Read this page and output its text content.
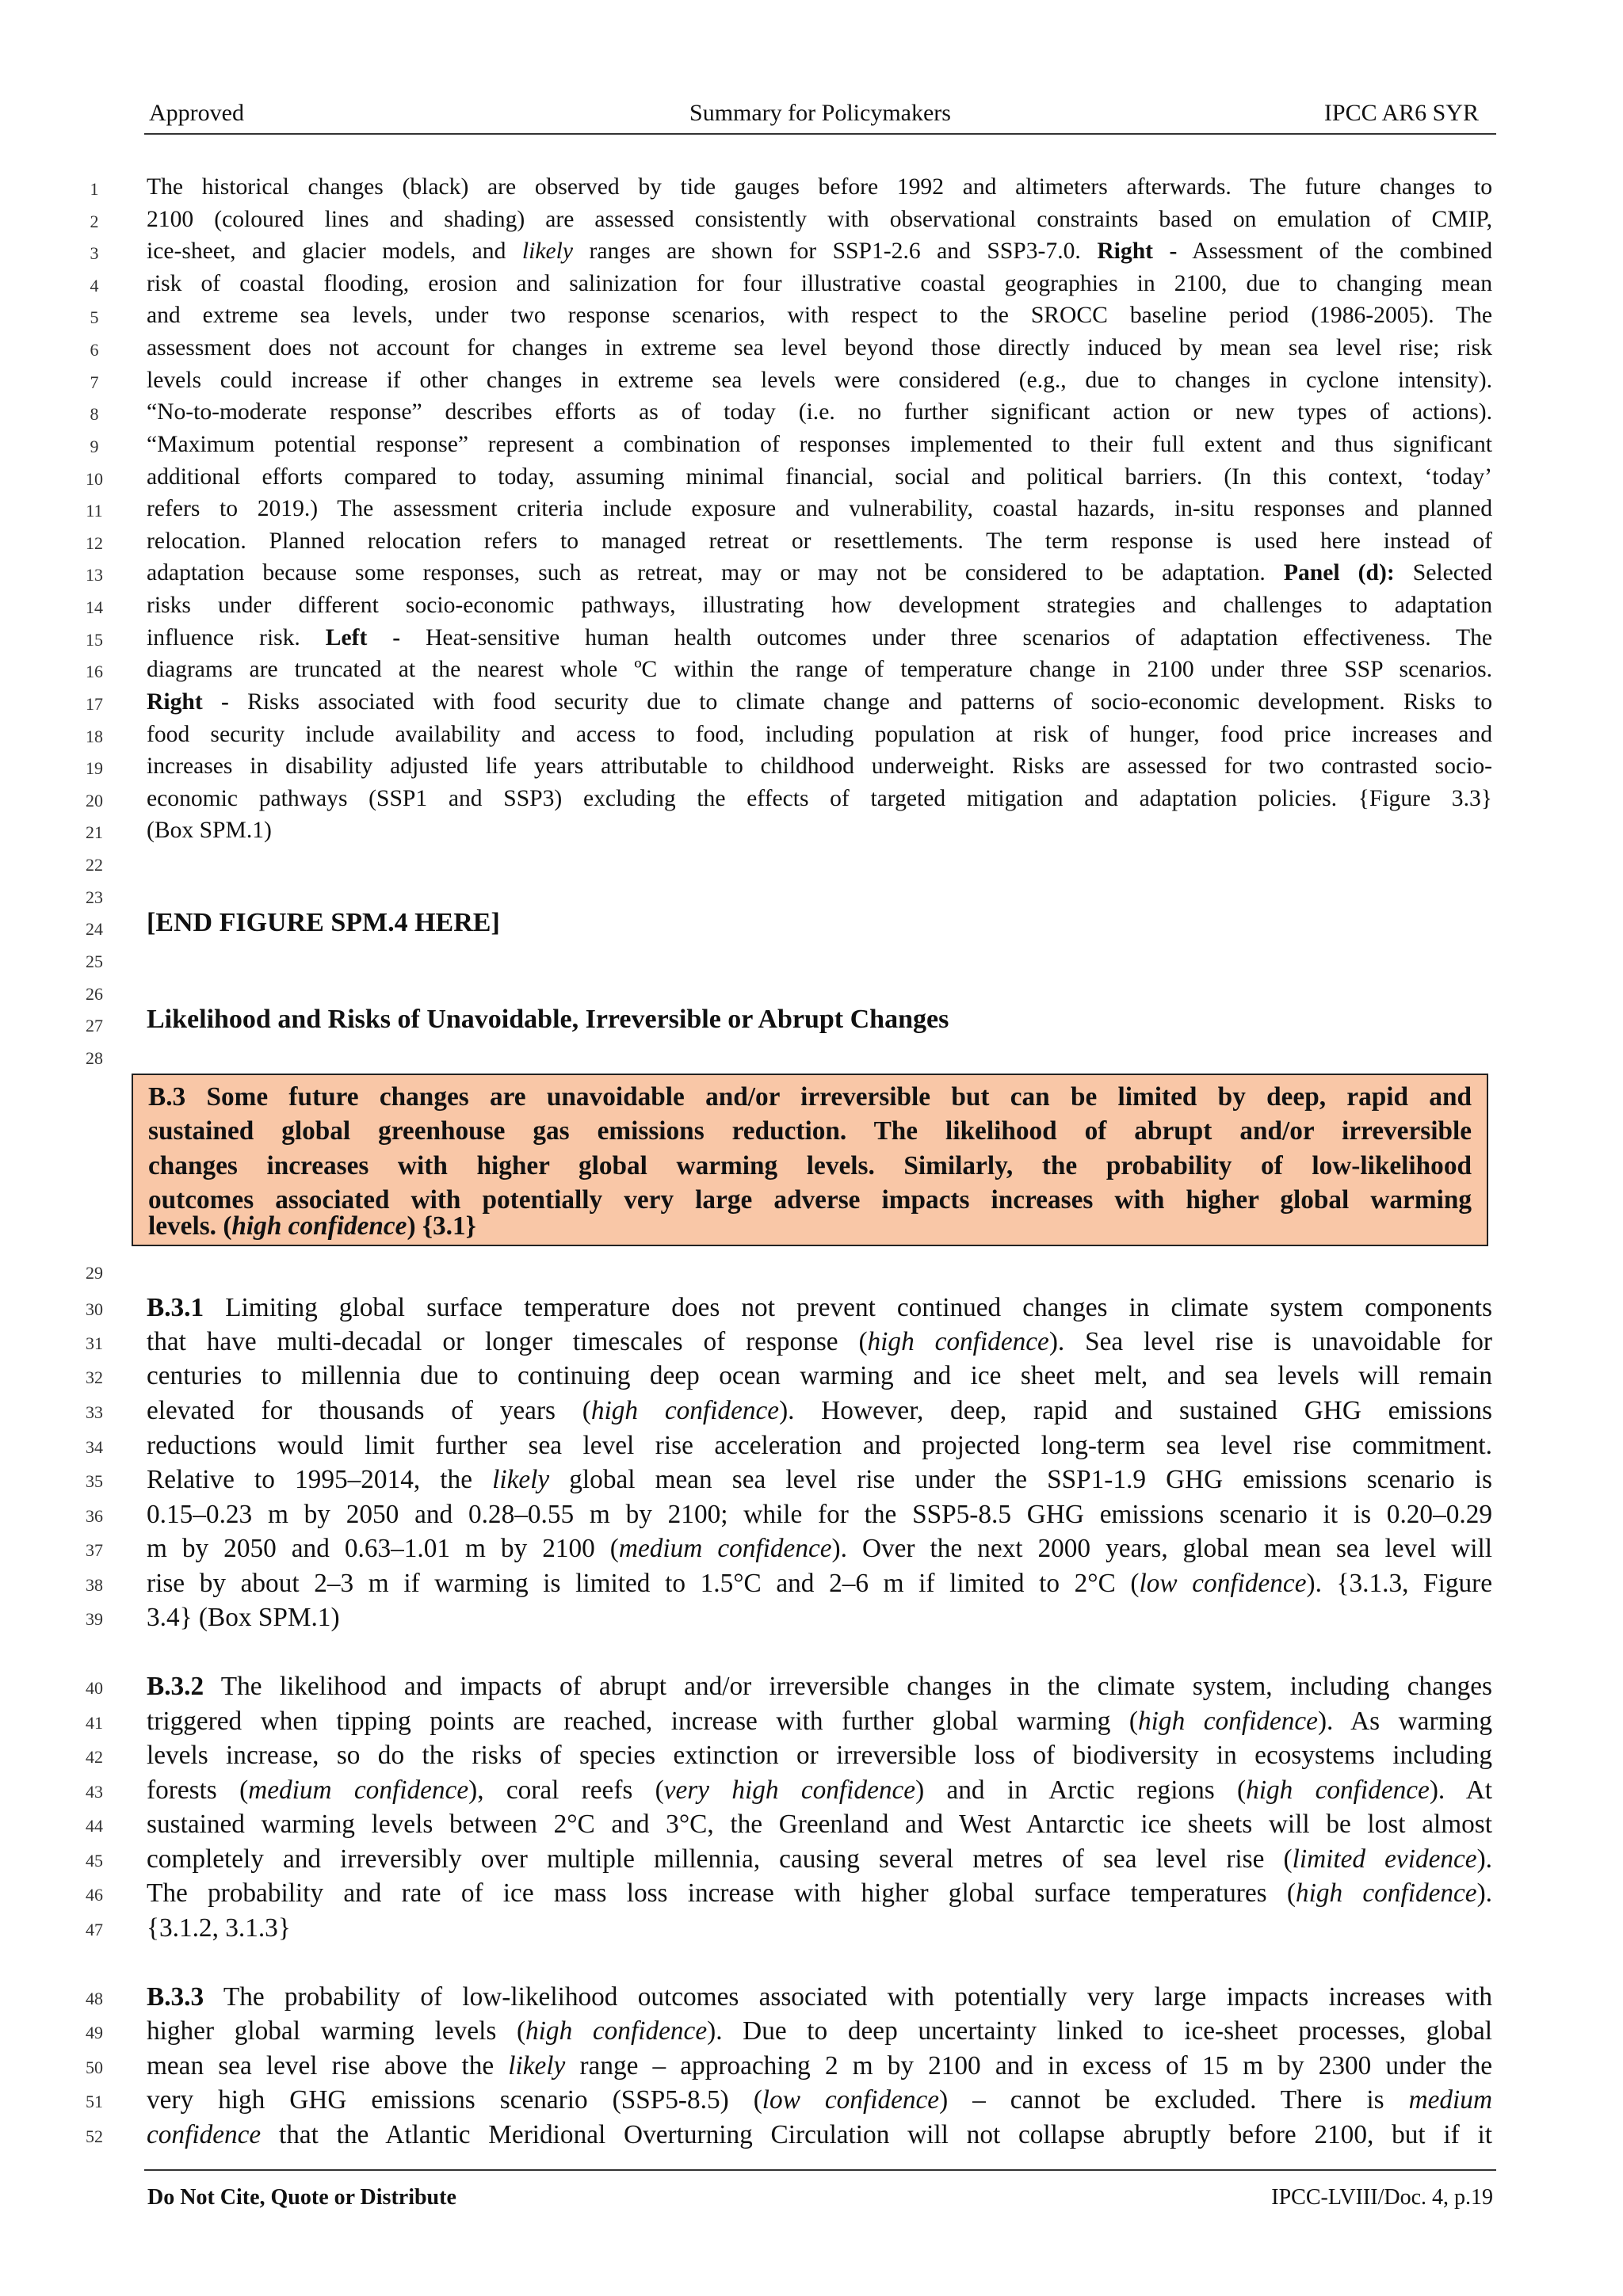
Approved	Summary for Policymakers	IPCC AR6 SYR
1
2
3
4
5
6
7
8
9
10
11
12
13
14
15
16
17
18
19
20
21
22
23
24
25
26
27
28
29
30
31
32
33
34
35
36
37
38
39
40
41
42
43
44
45
46
47
48
49
50
51
52
The historical changes (black) are observed by tide gauges before 1992 and altimeters afterwards. The future changes to
2100 (coloured lines and shading) are assessed consistently with observational constraints based on emulation of CMIP,
ice-sheet, and glacier models, and likely ranges are shown for SSP1-2.6 and SSP3-7.0. Right - Assessment of the combined
risk of coastal flooding, erosion and salinization for four illustrative coastal geographies in 2100, due to changing mean
and extreme sea levels, under two response scenarios, with respect to the SROCC baseline period (1986-2005). The
assessment does not account for changes in extreme sea level beyond those directly induced by mean sea level rise; risk
levels could increase if other changes in extreme sea levels were considered (e.g., due to changes in cyclone intensity).
“No-to-moderate response” describes efforts as of today (i.e. no further significant action or new types of actions).
“Maximum potential response” represent a combination of responses implemented to their full extent and thus significant
additional efforts compared to today, assuming minimal financial, social and political barriers. (In this context, ‘today’
refers to 2019.) The assessment criteria include exposure and vulnerability, coastal hazards, in-situ responses and planned
relocation. Planned relocation refers to managed retreat or resettlements. The term response is used here instead of
adaptation because some responses, such as retreat, may or may not be considered to be adaptation. Panel (d): Selected
risks under different socio-economic pathways, illustrating how development strategies and challenges to adaptation
influence risk. Left - Heat-sensitive human health outcomes under three scenarios of adaptation effectiveness. The
diagrams are truncated at the nearest whole ºC within the range of temperature change in 2100 under three SSP scenarios.
Right - Risks associated with food security due to climate change and patterns of socio-economic development. Risks to
food security include availability and access to food, including population at risk of hunger, food price increases and
increases in disability adjusted life years attributable to childhood underweight. Risks are assessed for two contrasted socio-
economic pathways (SSP1 and SSP3) excluding the effects of targeted mitigation and adaptation policies. {Figure 3.3}
(Box SPM.1)
[END FIGURE SPM.4 HERE]
Likelihood and Risks of Unavoidable, Irreversible or Abrupt Changes
B.3 Some future changes are unavoidable and/or irreversible but can be limited by deep, rapid and
sustained global greenhouse gas emissions reduction. The likelihood of abrupt and/or irreversible
changes increases with higher global warming levels. Similarly, the probability of low-likelihood
outcomes associated with potentially very large adverse impacts increases with higher global warming
levels. (high confidence) {3.1}
B.3.1 Limiting global surface temperature does not prevent continued changes in climate system components
that have multi-decadal or longer timescales of response (high confidence). Sea level rise is unavoidable for
centuries to millennia due to continuing deep ocean warming and ice sheet melt, and sea levels will remain
elevated for thousands of years (high confidence). However, deep, rapid and sustained GHG emissions
reductions would limit further sea level rise acceleration and projected long-term sea level rise commitment.
Relative to 1995–2014, the likely global mean sea level rise under the SSP1-1.9 GHG emissions scenario is
0.15–0.23 m by 2050 and 0.28–0.55 m by 2100; while for the SSP5-8.5 GHG emissions scenario it is 0.20–0.29
m by 2050 and 0.63–1.01 m by 2100 (medium confidence). Over the next 2000 years, global mean sea level will
rise by about 2–3 m if warming is limited to 1.5°C and 2–6 m if limited to 2°C (low confidence). {3.1.3, Figure
3.4} (Box SPM.1)
B.3.2 The likelihood and impacts of abrupt and/or irreversible changes in the climate system, including changes
triggered when tipping points are reached, increase with further global warming (high confidence). As warming
levels increase, so do the risks of species extinction or irreversible loss of biodiversity in ecosystems including
forests (medium confidence), coral reefs (very high confidence) and in Arctic regions (high confidence). At
sustained warming levels between 2°C and 3°C, the Greenland and West Antarctic ice sheets will be lost almost
completely and irreversibly over multiple millennia, causing several metres of sea level rise (limited evidence).
The probability and rate of ice mass loss increase with higher global surface temperatures (high confidence).
{3.1.2, 3.1.3}
B.3.3 The probability of low-likelihood outcomes associated with potentially very large impacts increases with
higher global warming levels (high confidence). Due to deep uncertainty linked to ice-sheet processes, global
mean sea level rise above the likely range – approaching 2 m by 2100 and in excess of 15 m by 2300 under the
very high GHG emissions scenario (SSP5-8.5) (low confidence) – cannot be excluded. There is medium
confidence that the Atlantic Meridional Overturning Circulation will not collapse abruptly before 2100, but if it
Do Not Cite, Quote or Distribute	IPCC-LVIII/Doc. 4, p.19
